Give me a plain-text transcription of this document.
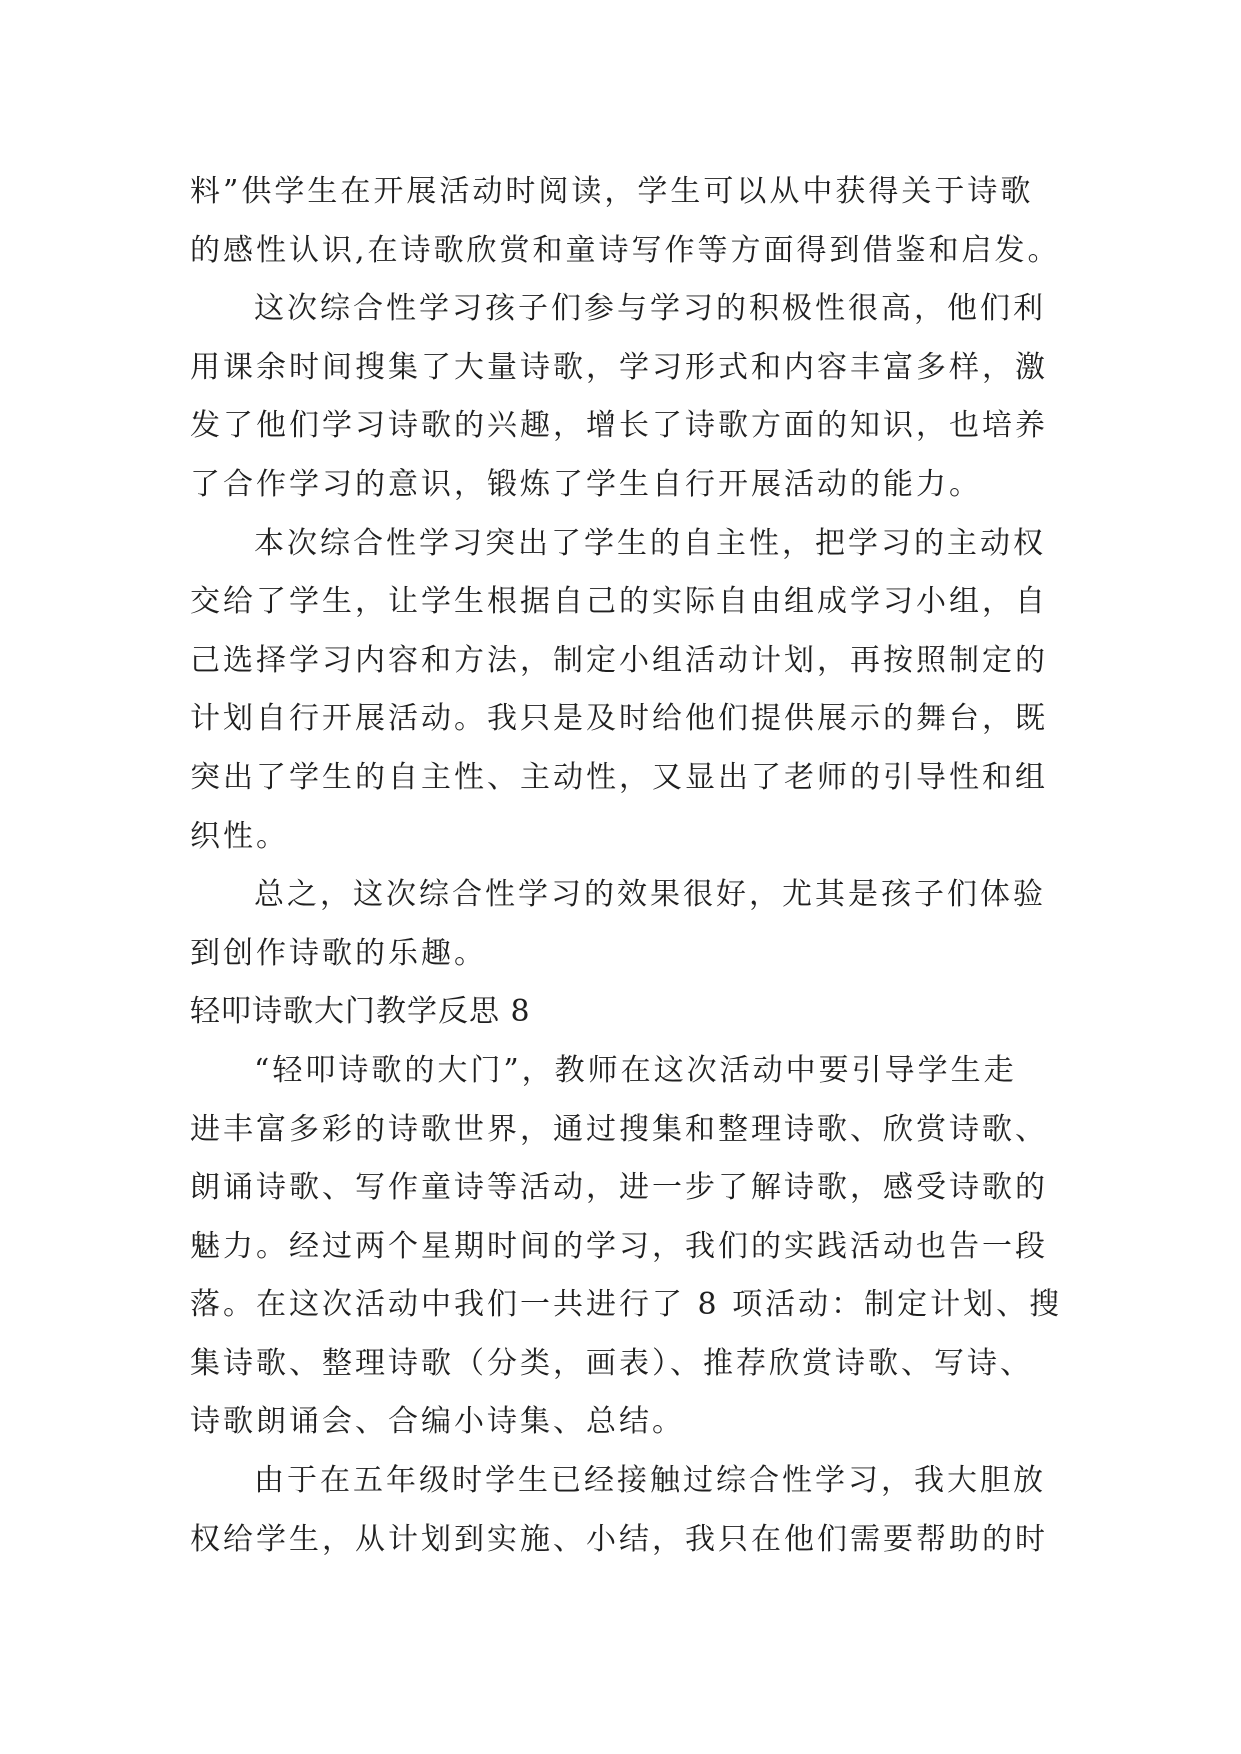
料”供学生在开展活动时阅读，学生可以从中获得关于诗歌
的感性认识,在诗歌欣赏和童诗写作等方面得到借鉴和启发。
这次综合性学习孩子们参与学习的积极性很高，他们利
用课余时间搜集了大量诗歌，学习形式和内容丰富多样，激
发了他们学习诗歌的兴趣，增长了诗歌方面的知识，也培养
了合作学习的意识，锻炼了学生自行开展活动的能力。
本次综合性学习突出了学生的自主性，把学习的主动权
交给了学生，让学生根据自己的实际自由组成学习小组，自
己选择学习内容和方法，制定小组活动计划，再按照制定的
计划自行开展活动。我只是及时给他们提供展示的舞台，既
突出了学生的自主性、主动性，又显出了老师的引导性和组
织性。
总之，这次综合性学习的效果很好，尤其是孩子们体验
到创作诗歌的乐趣。
轻叩诗歌大门教学反思 8
“轻叩诗歌的大门”，教师在这次活动中要引导学生走
进丰富多彩的诗歌世界，通过搜集和整理诗歌、欣赏诗歌、
朗诵诗歌、写作童诗等活动，进一步了解诗歌，感受诗歌的
魅力。经过两个星期时间的学习，我们的实践活动也告一段
落。在这次活动中我们一共进行了 8 项活动：制定计划、搜
集诗歌、整理诗歌（分类，画表）、推荐欣赏诗歌、写诗、
诗歌朗诵会、合编小诗集、总结。
由于在五年级时学生已经接触过综合性学习，我大胆放
权给学生，从计划到实施、小结，我只在他们需要帮助的时
